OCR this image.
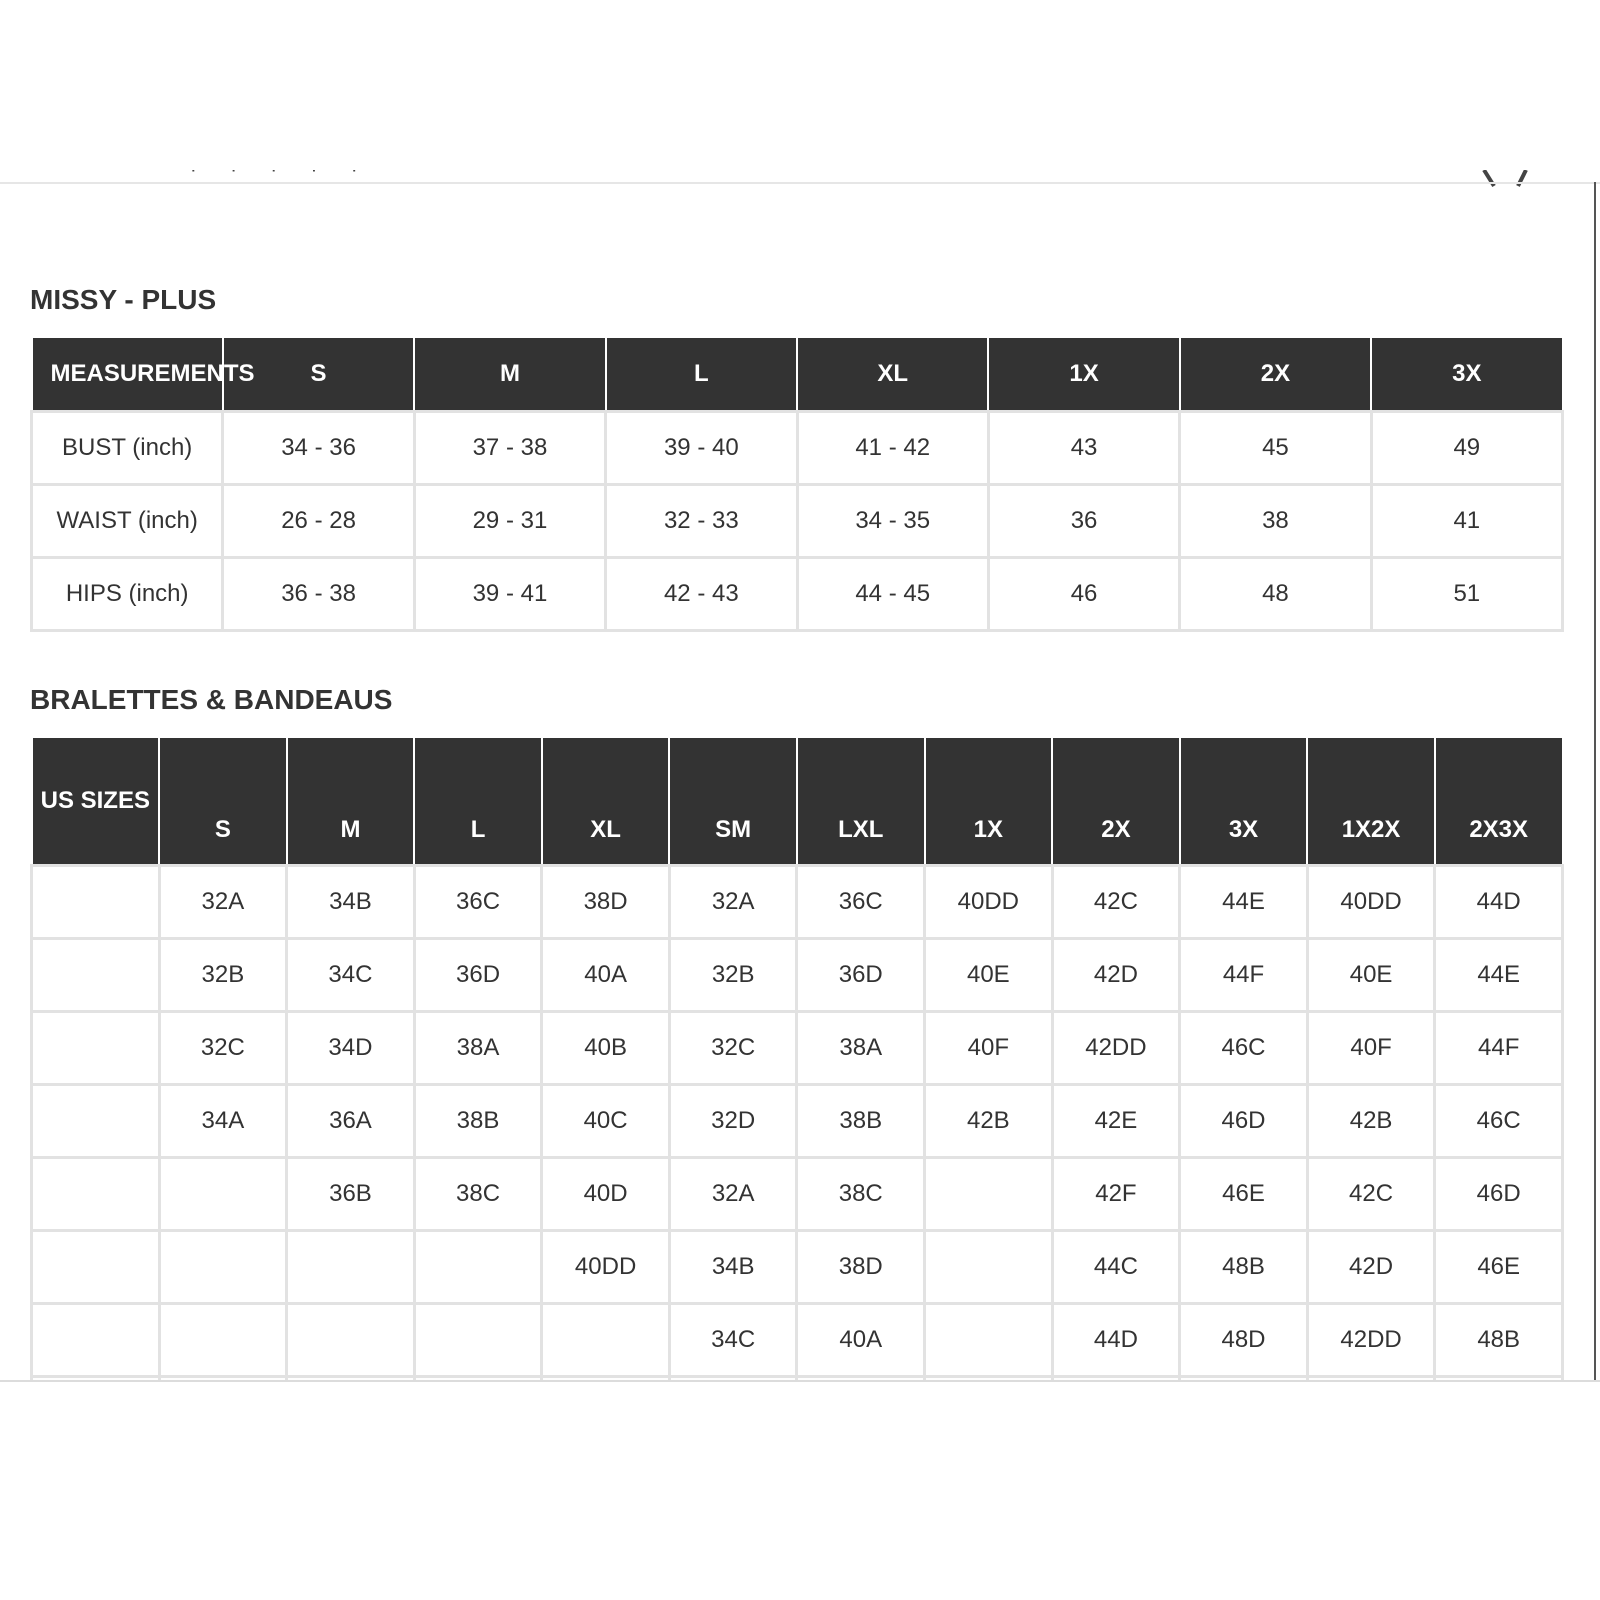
· · · · ·
MISSY - PLUS
MEASUREMENTS	S	M	L	XL	1X	2X	3X
BUST (inch)	34 - 36	37 - 38	39 - 40	41 - 42	43	45	49
WAIST (inch)	26 - 28	29 - 31	32 - 33	34 - 35	36	38	41
HIPS (inch)	36 - 38	39 - 41	42 - 43	44 - 45	46	48	51
BRALETTES & BANDEAUS
US SIZES	S	M	L	XL	SM	LXL	1X	2X	3X	1X2X	2X3X
	32A	34B	36C	38D	32A	36C	40DD	42C	44E	40DD	44D
	32B	34C	36D	40A	32B	36D	40E	42D	44F	40E	44E
	32C	34D	38A	40B	32C	38A	40F	42DD	46C	40F	44F
	34A	36A	38B	40C	32D	38B	42B	42E	46D	42B	46C
		36B	38C	40D	32A	38C		42F	46E	42C	46D
				40DD	34B	38D		44C	48B	42D	46E
					34C	40A		44D	48D	42DD	48B
